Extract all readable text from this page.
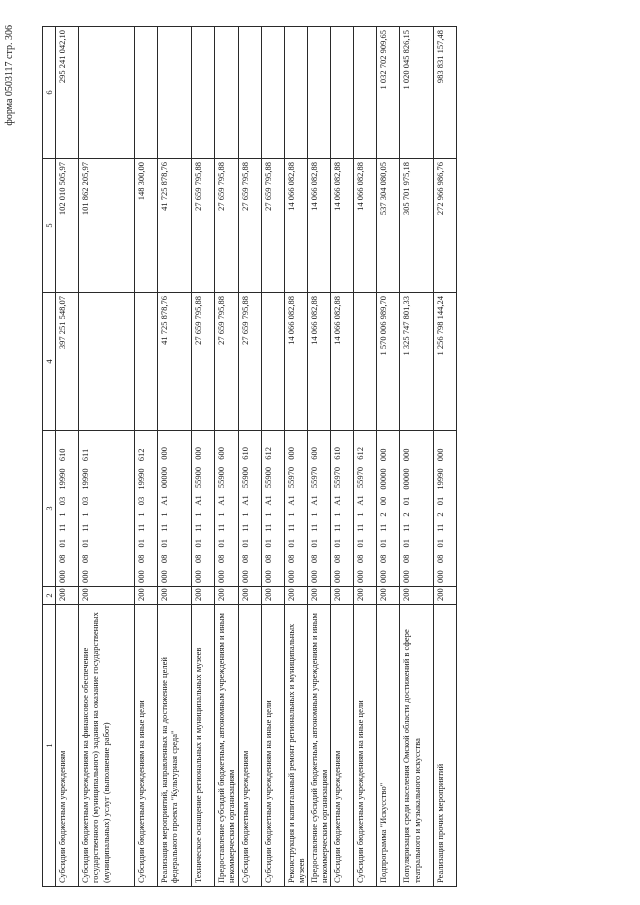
форма 0503117 стр. 306
1	2	3	4	5	6
Субсидии бюджетным учреждениям	200	000 08 01 11 1 03 19990 610	397 251 548,07	102 010 505,97	295 241 042,10
Субсидии бюджетным учреждениям на финансовое обеспечение государственного (муниципального) задания на оказание государственных (муниципальных) услуг (выполнение работ)	200	000 08 01 11 1 03 19990 611		101 862 205,97	
Субсидии бюджетным учреждениям на иные цели	200	000 08 01 11 1 03 19990 612		148 300,00	
Реализация мероприятий, направленных на достижение целей федерального проекта "Культурная среда"	200	000 08 01 11 1 A1 00000 000	41 725 878,76	41 725 878,76	
Техническое оснащение региональных и муниципальных музеев	200	000 08 01 11 1 A1 55900 000	27 659 795,88	27 659 795,88	
Предоставление субсидий бюджетным, автономным учреждениям и иным некоммерческим организациям	200	000 08 01 11 1 A1 55900 600	27 659 795,88	27 659 795,88	
Субсидии бюджетным учреждениям	200	000 08 01 11 1 A1 55900 610	27 659 795,88	27 659 795,88	
Субсидии бюджетным учреждениям на иные цели	200	000 08 01 11 1 A1 55900 612		27 659 795,88	
Реконструкция и капитальный ремонт региональных и муниципальных музеев	200	000 08 01 11 1 A1 55970 000	14 066 082,88	14 066 082,88	
Предоставление субсидий бюджетным, автономным учреждениям и иным некоммерческим организациям	200	000 08 01 11 1 A1 55970 600	14 066 082,88	14 066 082,88	
Субсидии бюджетным учреждениям	200	000 08 01 11 1 A1 55970 610	14 066 082,88	14 066 082,88	
Субсидии бюджетным учреждениям на иные цели	200	000 08 01 11 1 A1 55970 612		14 066 082,88	
Подпрограмма "Искусство"	200	000 08 01 11 2 00 00000 000	1 570 006 989,70	537 304 080,05	1 032 702 909,65
Популяризация среди населения Омской области достижений в сфере театрального и музыкального искусства	200	000 08 01 11 2 01 00000 000	1 325 747 801,33	305 701 975,18	1 020 045 826,15
Реализация прочих мероприятий	200	000 08 01 11 2 01 19990 000	1 256 798 144,24	272 966 986,76	983 831 157,48
